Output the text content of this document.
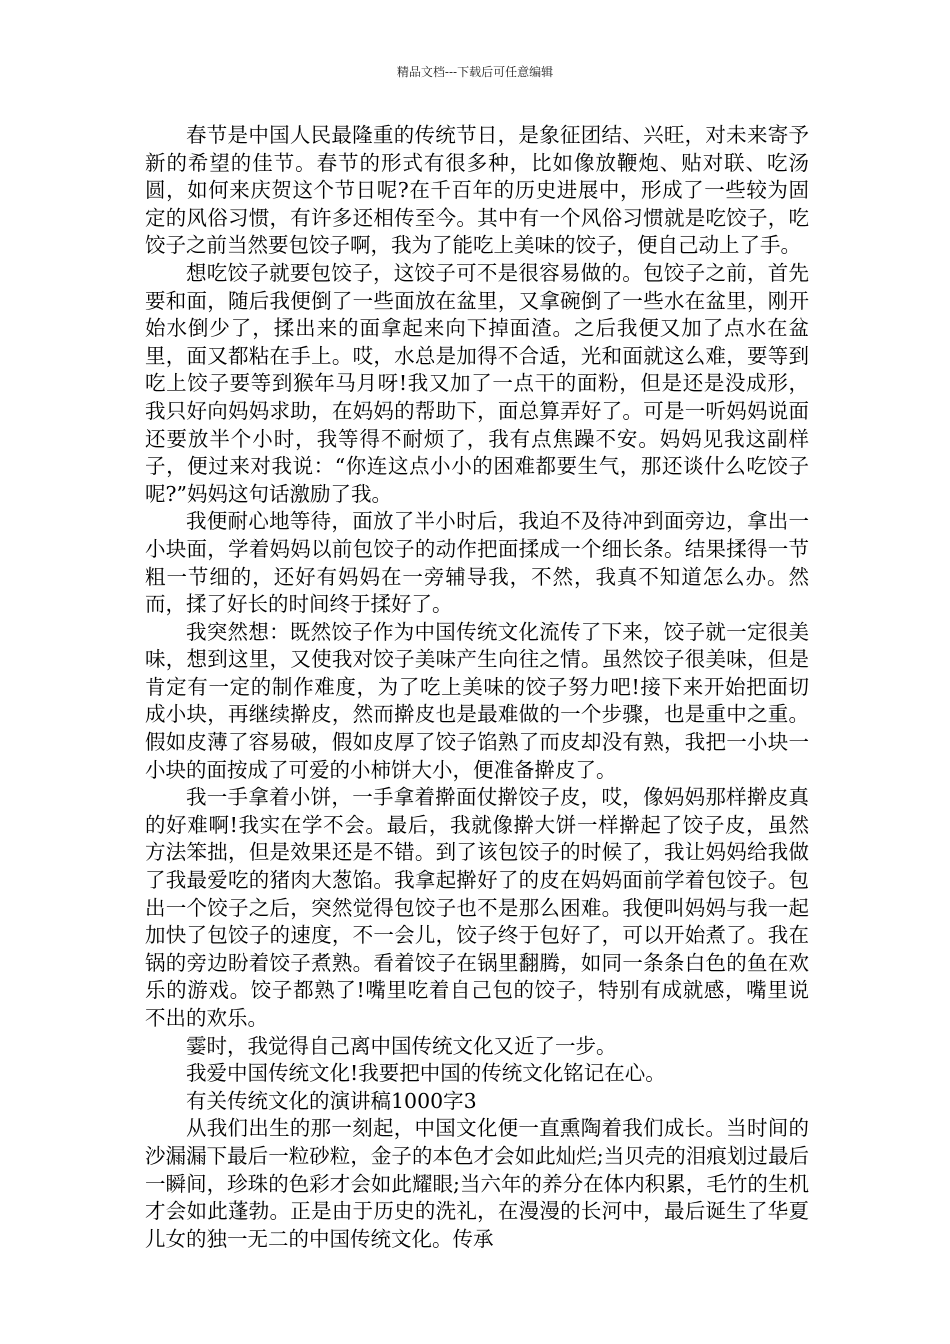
精品文档---下载后可任意编辑

春节是中国人民最隆重的传统节日，是象征团结、兴旺，对未来寄予新的希望的佳节。春节的形式有很多种，比如像放鞭炮、贴对联、吃汤圆，如何来庆贺这个节日呢?在千百年的历史进展中，形成了一些较为固定的风俗习惯，有许多还相传至今。其中有一个风俗习惯就是吃饺子，吃饺子之前当然要包饺子啊，我为了能吃上美味的饺子，便自己动上了手。

想吃饺子就要包饺子，这饺子可不是很容易做的。包饺子之前，首先要和面，随后我便倒了一些面放在盆里，又拿碗倒了一些水在盆里，刚开始水倒少了，揉出来的面拿起来向下掉面渣。之后我便又加了点水在盆里，面又都粘在手上。哎，水总是加得不合适，光和面就这么难，要等到吃上饺子要等到猴年马月呀!我又加了一点干的面粉，但是还是没成形，我只好向妈妈求助，在妈妈的帮助下，面总算弄好了。可是一听妈妈说面还要放半个小时，我等得不耐烦了，我有点焦躁不安。妈妈见我这副样子，便过来对我说：“你连这点小小的困难都要生气，那还谈什么吃饺子呢?”妈妈这句话激励了我。

我便耐心地等待，面放了半小时后，我迫不及待冲到面旁边，拿出一小块面，学着妈妈以前包饺子的动作把面揉成一个细长条。结果揉得一节粗一节细的，还好有妈妈在一旁辅导我，不然，我真不知道怎么办。然而，揉了好长的时间终于揉好了。

我突然想：既然饺子作为中国传统文化流传了下来，饺子就一定很美味，想到这里，又使我对饺子美味产生向往之情。虽然饺子很美味，但是肯定有一定的制作难度，为了吃上美味的饺子努力吧!接下来开始把面切成小块，再继续擀皮，然而擀皮也是最难做的一个步骤，也是重中之重。假如皮薄了容易破，假如皮厚了饺子馅熟了而皮却没有熟，我把一小块一小块的面按成了可爱的小柿饼大小，便准备擀皮了。

我一手拿着小饼，一手拿着擀面仗擀饺子皮，哎，像妈妈那样擀皮真的好难啊!我实在学不会。最后，我就像擀大饼一样擀起了饺子皮，虽然方法笨拙，但是效果还是不错。到了该包饺子的时候了，我让妈妈给我做了我最爱吃的猪肉大葱馅。我拿起擀好了的皮在妈妈面前学着包饺子。包出一个饺子之后，突然觉得包饺子也不是那么困难。我便叫妈妈与我一起加快了包饺子的速度，不一会儿，饺子终于包好了，可以开始煮了。我在锅的旁边盼着饺子煮熟。看着饺子在锅里翻腾，如同一条条白色的鱼在欢乐的游戏。饺子都熟了!嘴里吃着自己包的饺子，特别有成就感，嘴里说不出的欢乐。

霎时，我觉得自己离中国传统文化又近了一步。

我爱中国传统文化!我要把中国的传统文化铭记在心。

有关传统文化的演讲稿1000字3

从我们出生的那一刻起，中国文化便一直熏陶着我们成长。当时间的沙漏漏下最后一粒砂粒，金子的本色才会如此灿烂;当贝壳的泪痕划过最后一瞬间，珍珠的色彩才会如此耀眼;当六年的养分在体内积累，毛竹的生机才会如此蓬勃。正是由于历史的洗礼，在漫漫的长河中，最后诞生了华夏儿女的独一无二的中国传统文化。传承
